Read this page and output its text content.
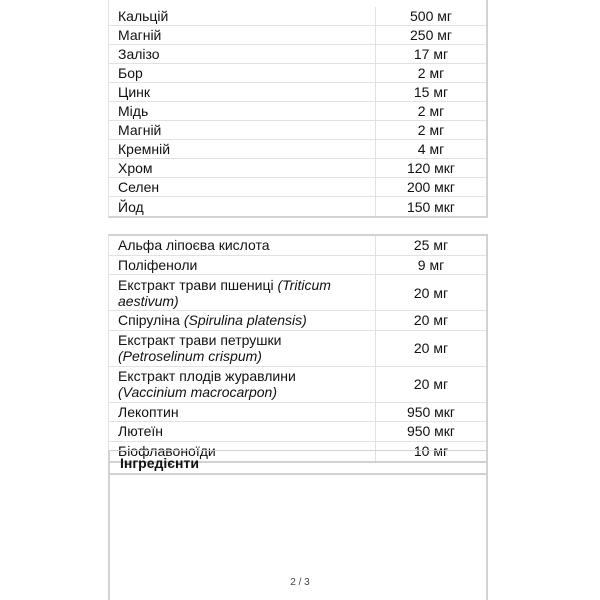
Кальцій	500 мг
Магній	250 мг
Залізо	17 мг
Бор	2 мг
Цинк	15 мг
Мідь	2 мг
Магній	2 мг
Кремній	4 мг
Хром	120 мкг
Селен	200 мкг
Йод	150 мкг
Альфа ліпоєва кислота	25 мг
Поліфеноли	9 мг
Екстракт трави пшениці (Triticum aestivum)	20 мг
Спіруліна (Spirulina platensis)	20 мг
Екстракт трави петрушки
(Petroselinum crispum)	20 мг
Екстракт плодів журавлини
(Vaccinium macrocarpon)	20 мг
Лекоптин	950 мкг
Лютеїн	950 мкг
Біофлавоноїди	10 мг
Інгредієнти
2 / 3
